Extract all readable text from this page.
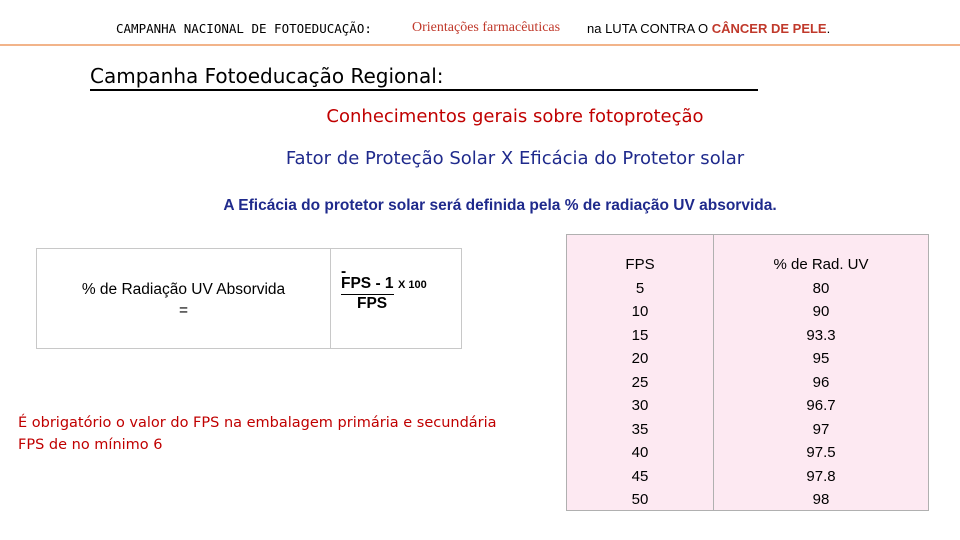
CAMPANHA NACIONAL DE FOTOEDUCAÇÃO:	Orientações farmacêuticas na LUTA CONTRA O CÂNCER DE PELE.
Campanha Fotoeducação Regional:
Conhecimentos gerais sobre fotoproteção
Fator de Proteção Solar X Eficácia do Protetor solar
A Eficácia do protetor solar será definida pela % de radiação UV absorvida.
% de Radiação UV Absorvida
=
-
FPS - 1 X 100
FPS
É obrigatório o valor do FPS na embalagem primária e secundária
FPS de no mínimo 6
FPS
5
10
15
20
25
30
35
40
45
50
% de Rad. UV
80
90
93.3
95
96
96.7
97
97.5
97.8
98
